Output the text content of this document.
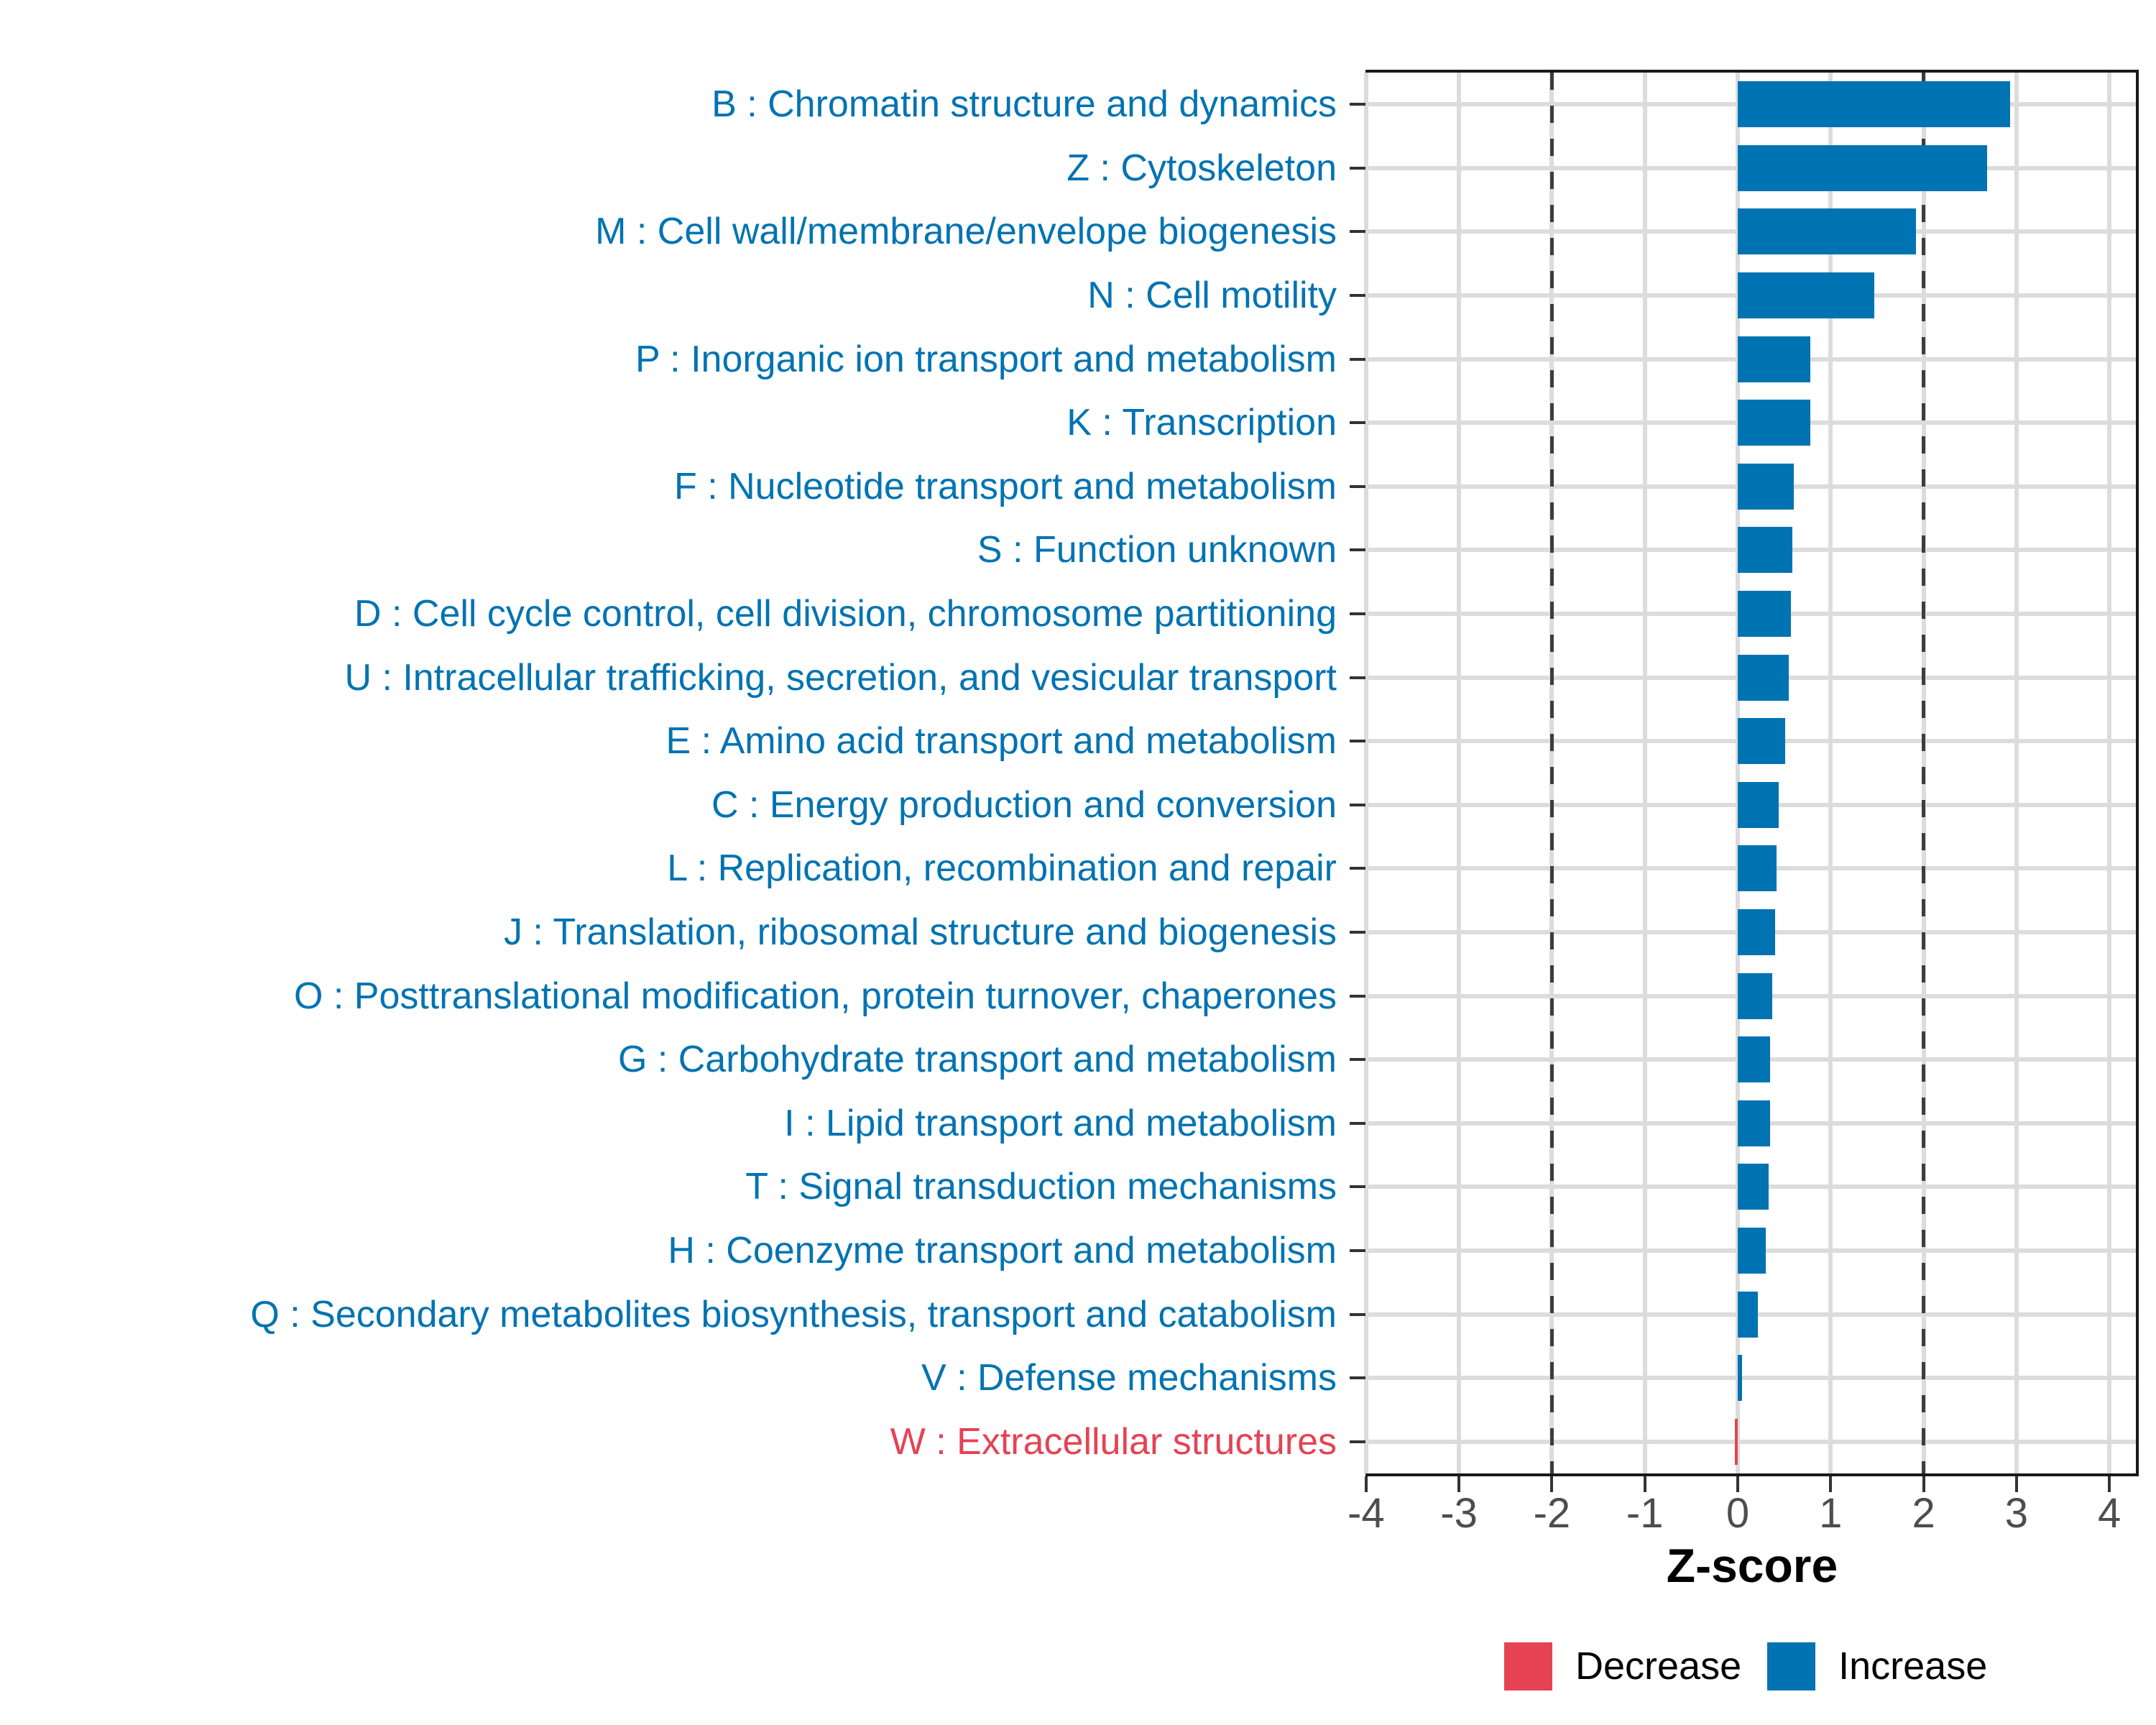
B : Chromatin structure and dynamics
Z : Cytoskeleton
M : Cell wall/membrane/envelope biogenesis
N : Cell motility
P : Inorganic ion transport and metabolism
K : Transcription
F : Nucleotide transport and metabolism
S : Function unknown
D : Cell cycle control, cell division, chromosome partitioning
U : Intracellular trafficking, secretion, and vesicular transport
E : Amino acid transport and metabolism
C : Energy production and conversion
L : Replication, recombination and repair
J : Translation, ribosomal structure and biogenesis
O : Posttranslational modification, protein turnover, chaperones
G : Carbohydrate transport and metabolism
I : Lipid transport and metabolism
T : Signal transduction mechanisms
H : Coenzyme transport and metabolism
Q : Secondary metabolites biosynthesis, transport and catabolism
V : Defense mechanisms
W : Extracellular structures
-4	-3	-2	-1	0	1	2	3	4
Z-score
Decrease	Increase
